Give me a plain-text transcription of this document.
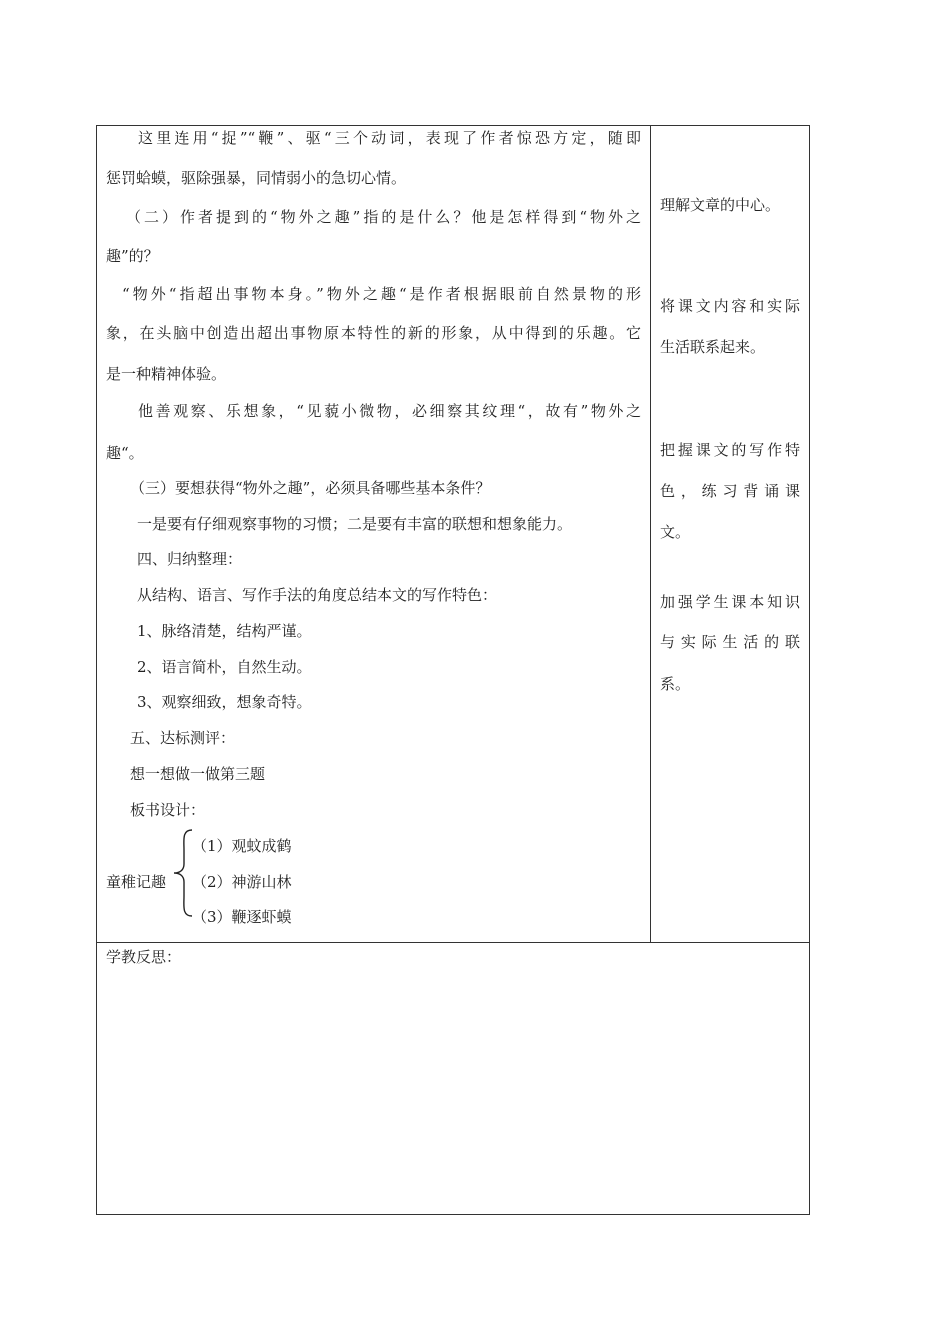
这里连用“捉”“鞭”、驱“三个动词，表现了作者惊恐方定，随即
惩罚蛤蟆，驱除强暴，同情弱小的急切心情。
（二）作者提到的“物外之趣”指的是什么？他是怎样得到“物外之
趣”的？
“物外“指超出事物本身。”物外之趣“是作者根据眼前自然景物的形
象，在头脑中创造出超出事物原本特性的新的形象，从中得到的乐趣。它
是一种精神体验。
他善观察、乐想象，“见藐小微物，必细察其纹理“，故有”物外之
趣“。
（三）要想获得“物外之趣”，必须具备哪些基本条件？
一是要有仔细观察事物的习惯；二是要有丰富的联想和想象能力。
四、归纳整理：
从结构、语言、写作手法的角度总结本文的写作特色：
1、脉络清楚，结构严谨。
2、语言简朴，自然生动。
3、观察细致，想象奇特。
五、达标测评：
想一想做一做第三题
板书设计：
童稚记趣
（1）观蚊成鹤
（2）神游山林
（3）鞭逐虾蟆
理解文章的中心。
将课文内容和实际
生活联系起来。
把握课文的写作特
色，练习背诵课
文。
加强学生课本知识
与实际生活的联
系。
学教反思：
